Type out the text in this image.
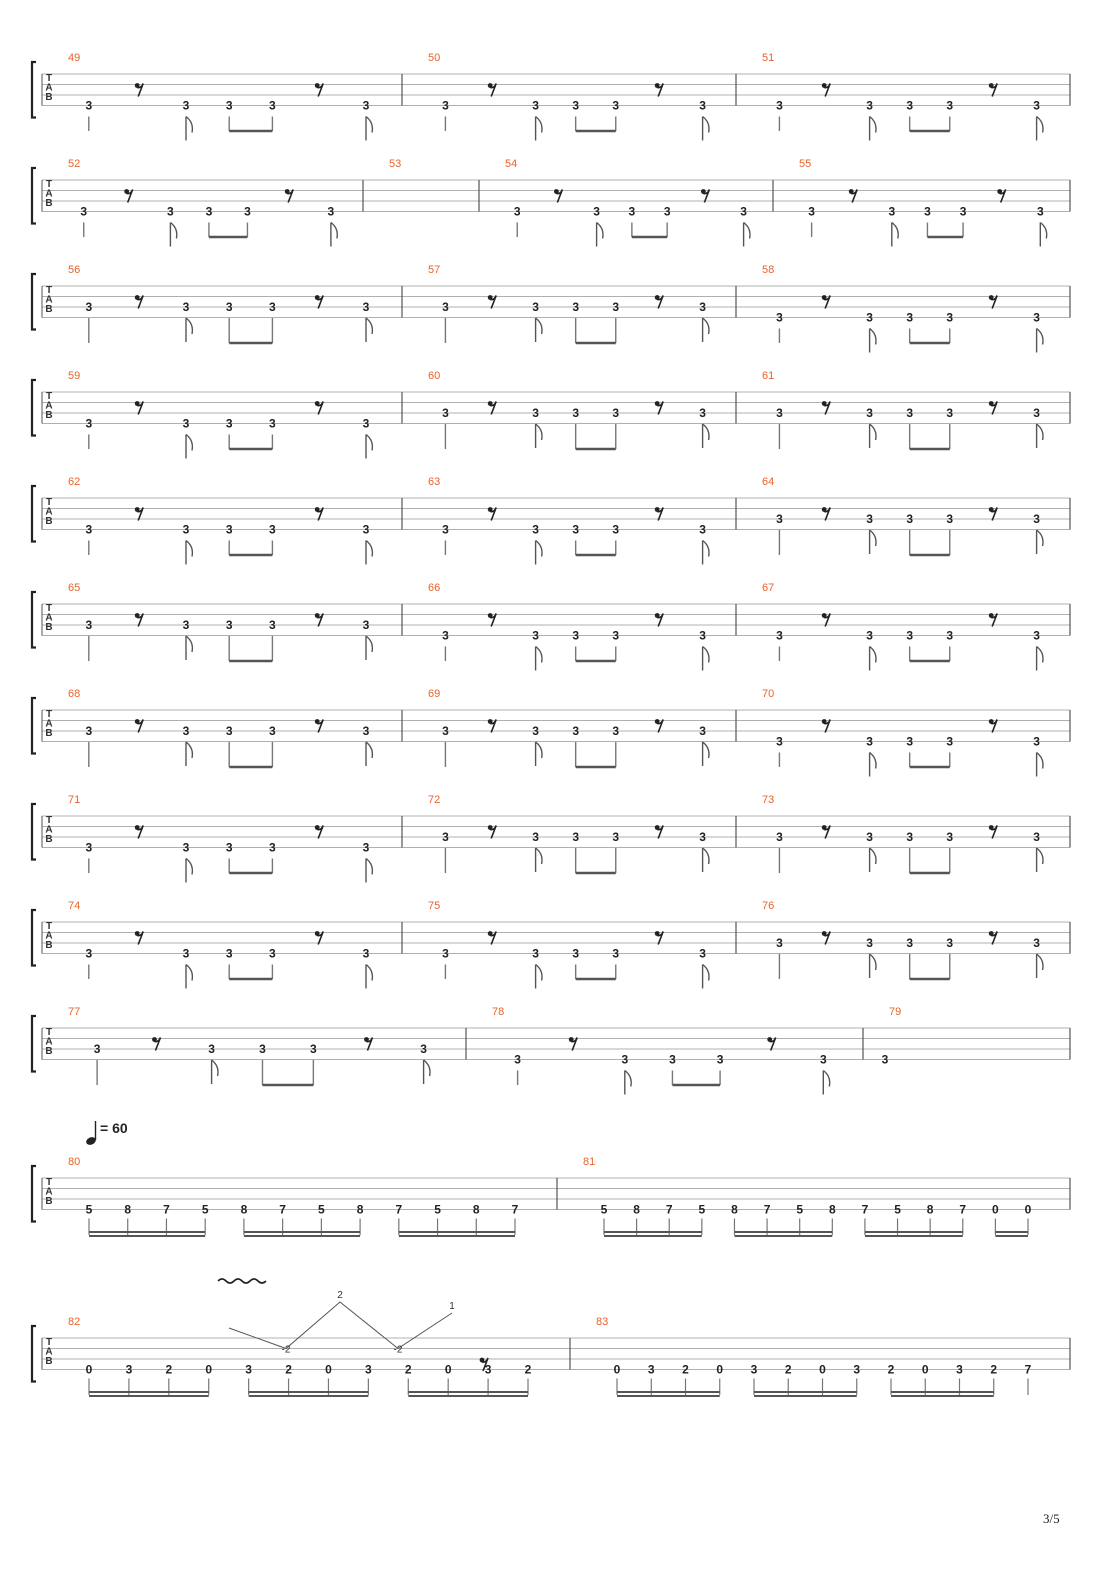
T
A
B
49
3	3	3	3	3
50
3	3	3	3	3
51
3	3	3	3	3
T
A
B
52
3	3	3	3	3
53	54
3	3 3 3	3
55
3	3 3 3	3
T
A
B
56
3	3	3	3	3
57
3	3	3	3	3
58
3	3	3	3	3
T
A
B
59
3	3	3	3	3
60
3	3	3	3	3
61
3	3	3	3	3
T
A
B
62
3	3	3	3	3
63
3	3	3	3	3
64
3	3	3	3	3
T
A
B
65
3	3	3	3	3
66
3	3	3	3	3
67
3	3	3	3	3
T
A
B
68
3	3	3	3	3
69
3	3	3	3	3
70
3	3	3	3	3
T
A
B
71
3	3	3	3	3
72
3	3	3	3	3
73
3	3	3	3	3
T
A
B
74
3	3	3	3	3
75
3	3	3	3	3
76
3	3	3	3	3
T
A
B
77
3	3	3	3	3
78
3	3	3	3	3
79
3
T
A
B
80
5	8	7	5	8	7	5	8	7	5	8	7
81
5 8 7 5 8 7 5 8 7 5 8 7 0 0
T
A
B
82
0	3	2	0	3	2	0	3	2	0	3	2
-2
2
-2
1
83
0 3 2 0 3 2 0 3 2 0 3 2 7
= 60
3/5
